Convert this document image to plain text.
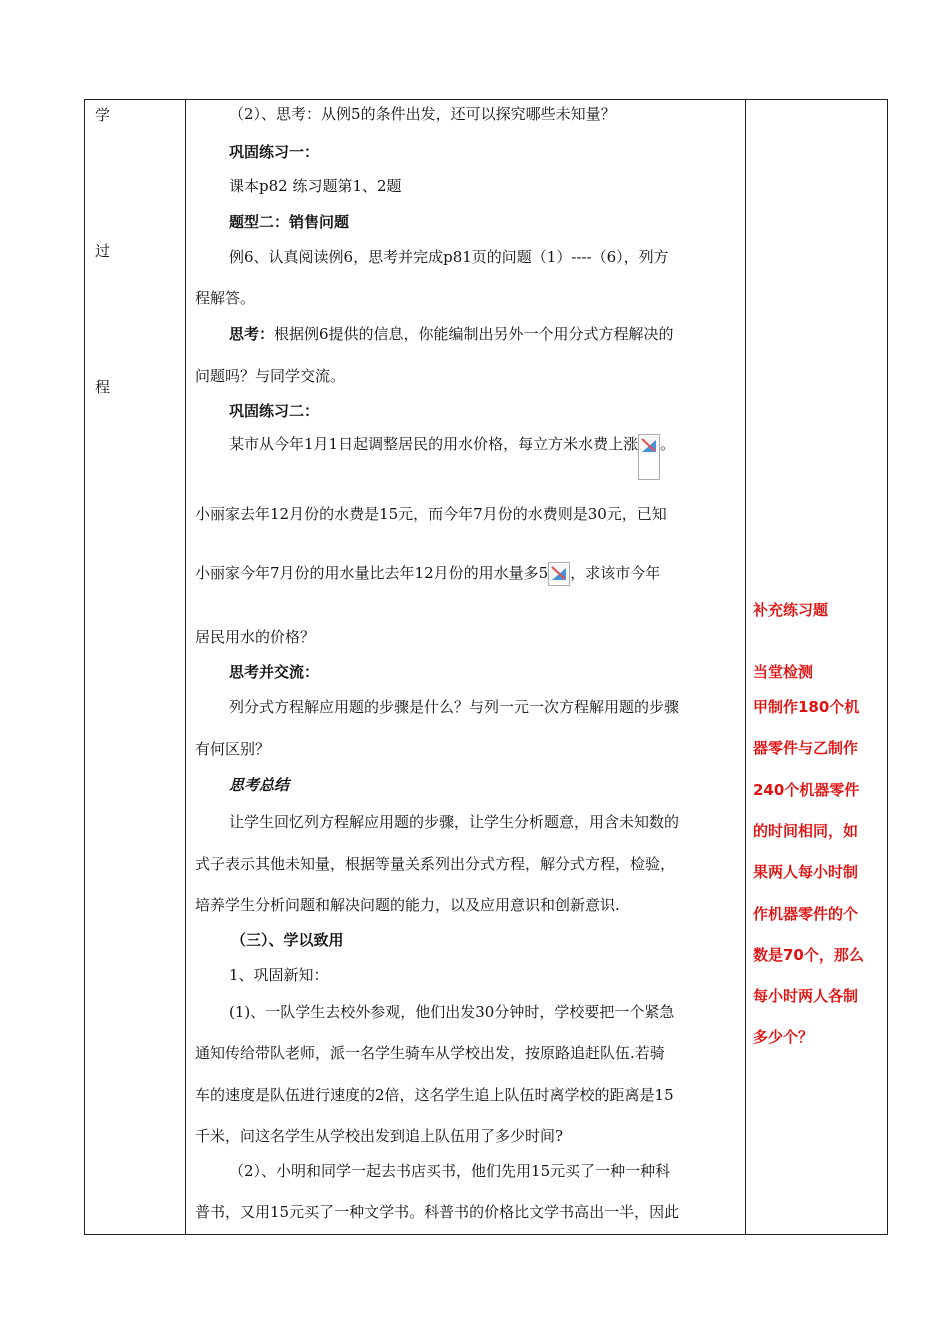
学
过
程
（2）、思考：从例5的条件出发，还可以探究哪些未知量？
巩固练习一：
课本p82 练习题第1、2题
题型二：销售问题
例6、认真阅读例6，思考并完成p81页的问题（1）----（6），列方
程解答。
思考：根据例6提供的信息，你能编制出另外一个用分式方程解决的
问题吗？与同学交流。
巩固练习二：
某市从今年1月1日起调整居民的用水价格，每立方米水费上涨 。
小丽家去年12月份的水费是15元，而今年7月份的水费则是30元，已知
小丽家今年7月份的用水量比去年12月份的用水量多5 ，求该市今年
居民用水的价格？
思考并交流：
列分式方程解应用题的步骤是什么？与列一元一次方程解用题的步骤
有何区别？
思考总结
让学生回忆列方程解应用题的步骤，让学生分析题意，用含未知数的
式子表示其他未知量，根据等量关系列出分式方程，解分式方程，检验，
培养学生分析问题和解决问题的能力，以及应用意识和创新意识.
（三）、学以致用
1、巩固新知：
(1)、一队学生去校外参观，他们出发30分钟时，学校要把一个紧急
通知传给带队老师，派一名学生骑车从学校出发，按原路追赶队伍.若骑
车的速度是队伍进行速度的2倍，这名学生追上队伍时离学校的距离是15
千米，问这名学生从学校出发到追上队伍用了多少时间?
（2）、小明和同学一起去书店买书，他们先用15元买了一种一种科
普书，又用15元买了一种文学书。科普书的价格比文学书高出一半，因此
补充练习题
当堂检测
甲制作180个机
器零件与乙制作
240个机器零件
的时间相同，如
果两人每小时制
作机器零件的个
数是70个，那么
每小时两人各制
多少个？
